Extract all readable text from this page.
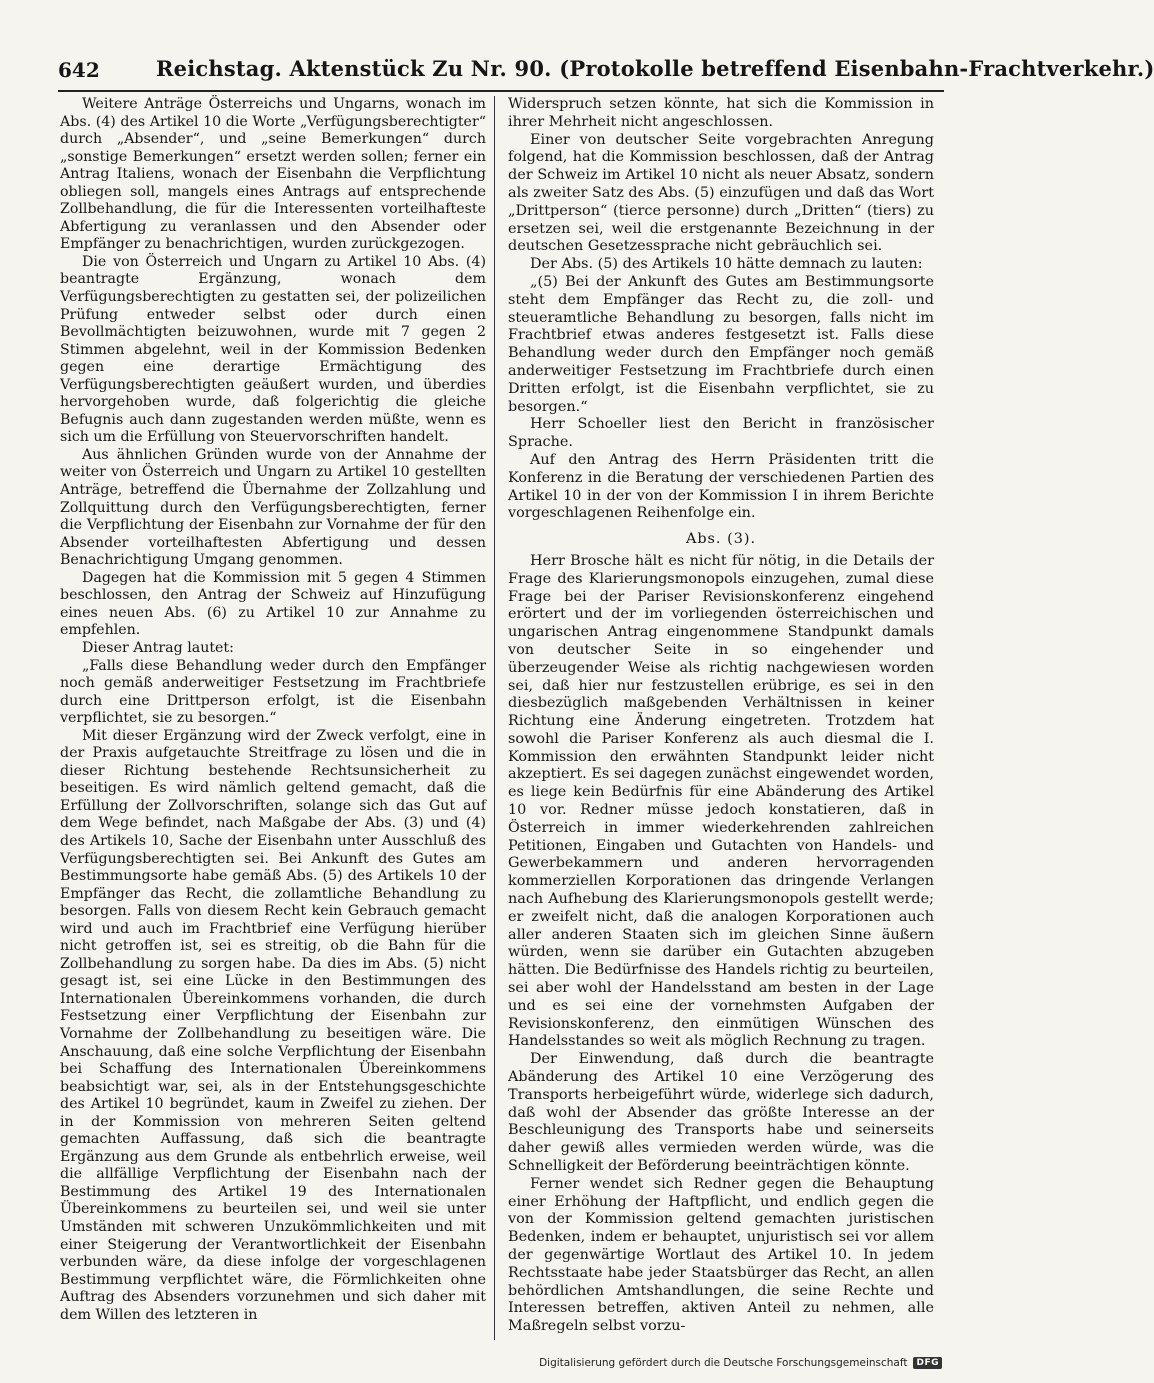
642	Reichstag. Aktenstück Zu Nr. 90. (Protokolle betreffend Eisenbahn-Frachtverkehr.)

Weitere Anträge Österreichs und Ungarns, wonach im Abs. (4) des Artikel 10 die Worte „Verfügungsberechtigter“ durch „Absender“, und „seine Bemerkungen“ durch „sonstige Bemerkungen“ ersetzt werden sollen; ferner ein Antrag Italiens, wonach der Eisenbahn die Verpflichtung obliegen soll, mangels eines Antrags auf entsprechende Zollbehandlung, die für die Interessenten vorteilhafteste Abfertigung zu veranlassen und den Absender oder Empfänger zu benachrichtigen, wurden zurückgezogen.

Die von Österreich und Ungarn zu Artikel 10 Abs. (4) beantragte Ergänzung, wonach dem Verfügungsberechtigten zu gestatten sei, der polizeilichen Prüfung entweder selbst oder durch einen Bevollmächtigten beizuwohnen, wurde mit 7 gegen 2 Stimmen abgelehnt, weil in der Kommission Bedenken gegen eine derartige Ermächtigung des Verfügungsberechtigten geäußert wurden, und überdies hervorgehoben wurde, daß folgerichtig die gleiche Befugnis auch dann zugestanden werden müßte, wenn es sich um die Erfüllung von Steuervorschriften handelt.

Aus ähnlichen Gründen wurde von der Annahme der weiter von Österreich und Ungarn zu Artikel 10 gestellten Anträge, betreffend die Übernahme der Zollzahlung und Zollquittung durch den Verfügungsberechtigten, ferner die Verpflichtung der Eisenbahn zur Vornahme der für den Absender vorteilhaftesten Abfertigung und dessen Benachrichtigung Umgang genommen.

Dagegen hat die Kommission mit 5 gegen 4 Stimmen beschlossen, den Antrag der Schweiz auf Hinzufügung eines neuen Abs. (6) zu Artikel 10 zur Annahme zu empfehlen.

Dieser Antrag lautet:

„Falls diese Behandlung weder durch den Empfänger noch gemäß anderweitiger Festsetzung im Frachtbriefe durch eine Drittperson erfolgt, ist die Eisenbahn verpflichtet, sie zu besorgen.“

Mit dieser Ergänzung wird der Zweck verfolgt, eine in der Praxis aufgetauchte Streitfrage zu lösen und die in dieser Richtung bestehende Rechtsunsicherheit zu beseitigen. Es wird nämlich geltend gemacht, daß die Erfüllung der Zollvorschriften, solange sich das Gut auf dem Wege befindet, nach Maßgabe der Abs. (3) und (4) des Artikels 10, Sache der Eisenbahn unter Ausschluß des Verfügungsberechtigten sei. Bei Ankunft des Gutes am Bestimmungsorte habe gemäß Abs. (5) des Artikels 10 der Empfänger das Recht, die zollamtliche Behandlung zu besorgen. Falls von diesem Recht kein Gebrauch gemacht wird und auch im Frachtbrief eine Verfügung hierüber nicht getroffen ist, sei es streitig, ob die Bahn für die Zollbehandlung zu sorgen habe. Da dies im Abs. (5) nicht gesagt ist, sei eine Lücke in den Bestimmungen des Internationalen Übereinkommens vorhanden, die durch Festsetzung einer Verpflichtung der Eisenbahn zur Vornahme der Zollbehandlung zu beseitigen wäre. Die Anschauung, daß eine solche Verpflichtung der Eisenbahn bei Schaffung des Internationalen Übereinkommens beabsichtigt war, sei, als in der Entstehungsgeschichte des Artikel 10 begründet, kaum in Zweifel zu ziehen. Der in der Kommission von mehreren Seiten geltend gemachten Auffassung, daß sich die beantragte Ergänzung aus dem Grunde als entbehrlich erweise, weil die allfällige Verpflichtung der Eisenbahn nach der Bestimmung des Artikel 19 des Internationalen Übereinkommens zu beurteilen sei, und weil sie unter Umständen mit schweren Unzukömmlichkeiten und mit einer Steigerung der Verantwortlichkeit der Eisenbahn verbunden wäre, da diese infolge der vorgeschlagenen Bestimmung verpflichtet wäre, die Förmlichkeiten ohne Auftrag des Absenders vorzunehmen und sich daher mit dem Willen des letzteren in

Widerspruch setzen könnte, hat sich die Kommission in ihrer Mehrheit nicht angeschlossen.

Einer von deutscher Seite vorgebrachten Anregung folgend, hat die Kommission beschlossen, daß der Antrag der Schweiz im Artikel 10 nicht als neuer Absatz, sondern als zweiter Satz des Abs. (5) einzufügen und daß das Wort „Drittperson“ (tierce personne) durch „Dritten“ (tiers) zu ersetzen sei, weil die erstgenannte Bezeichnung in der deutschen Gesetzessprache nicht gebräuchlich sei.

Der Abs. (5) des Artikels 10 hätte demnach zu lauten:

„(5) Bei der Ankunft des Gutes am Bestimmungsorte steht dem Empfänger das Recht zu, die zoll- und steueramtliche Behandlung zu besorgen, falls nicht im Frachtbrief etwas anderes festgesetzt ist. Falls diese Behandlung weder durch den Empfänger noch gemäß anderweitiger Festsetzung im Frachtbriefe durch einen Dritten erfolgt, ist die Eisenbahn verpflichtet, sie zu besorgen.“

Herr Schoeller liest den Bericht in französischer Sprache.

Auf den Antrag des Herrn Präsidenten tritt die Konferenz in die Beratung der verschiedenen Partien des Artikel 10 in der von der Kommission I in ihrem Berichte vorgeschlagenen Reihenfolge ein.

Abs. (3).

Herr Brosche hält es nicht für nötig, in die Details der Frage des Klarierungsmonopols einzugehen, zumal diese Frage bei der Pariser Revisionskonferenz eingehend erörtert und der im vorliegenden österreichischen und ungarischen Antrag eingenommene Standpunkt damals von deutscher Seite in so eingehender und überzeugender Weise als richtig nachgewiesen worden sei, daß hier nur festzustellen erübrige, es sei in den diesbezüglich maßgebenden Verhältnissen in keiner Richtung eine Änderung eingetreten. Trotzdem hat sowohl die Pariser Konferenz als auch diesmal die I. Kommission den erwähnten Standpunkt leider nicht akzeptiert. Es sei dagegen zunächst eingewendet worden, es liege kein Bedürfnis für eine Abänderung des Artikel 10 vor. Redner müsse jedoch konstatieren, daß in Österreich in immer wiederkehrenden zahlreichen Petitionen, Eingaben und Gutachten von Handels- und Gewerbekammern und anderen hervorragenden kommerziellen Korporationen das dringende Verlangen nach Aufhebung des Klarierungsmonopols gestellt werde; er zweifelt nicht, daß die analogen Korporationen auch aller anderen Staaten sich im gleichen Sinne äußern würden, wenn sie darüber ein Gutachten abzugeben hätten. Die Bedürfnisse des Handels richtig zu beurteilen, sei aber wohl der Handelsstand am besten in der Lage und es sei eine der vornehmsten Aufgaben der Revisionskonferenz, den einmütigen Wünschen des Handelsstandes so weit als möglich Rechnung zu tragen.

Der Einwendung, daß durch die beantragte Abänderung des Artikel 10 eine Verzögerung des Transports herbeigeführt würde, widerlege sich dadurch, daß wohl der Absender das größte Interesse an der Beschleunigung des Transports habe und seinerseits daher gewiß alles vermieden werden würde, was die Schnelligkeit der Beförderung beeinträchtigen könnte.

Ferner wendet sich Redner gegen die Behauptung einer Erhöhung der Haftpflicht, und endlich gegen die von der Kommission geltend gemachten juristischen Bedenken, indem er behauptet, unjuristisch sei vor allem der gegenwärtige Wortlaut des Artikel 10. In jedem Rechtsstaate habe jeder Staatsbürger das Recht, an allen behördlichen Amtshandlungen, die seine Rechte und Interessen betreffen, aktiven Anteil zu nehmen, alle Maßregeln selbst vorzu-

Digitalisierung gefördert durch die Deutsche Forschungsgemeinschaft	DFG
